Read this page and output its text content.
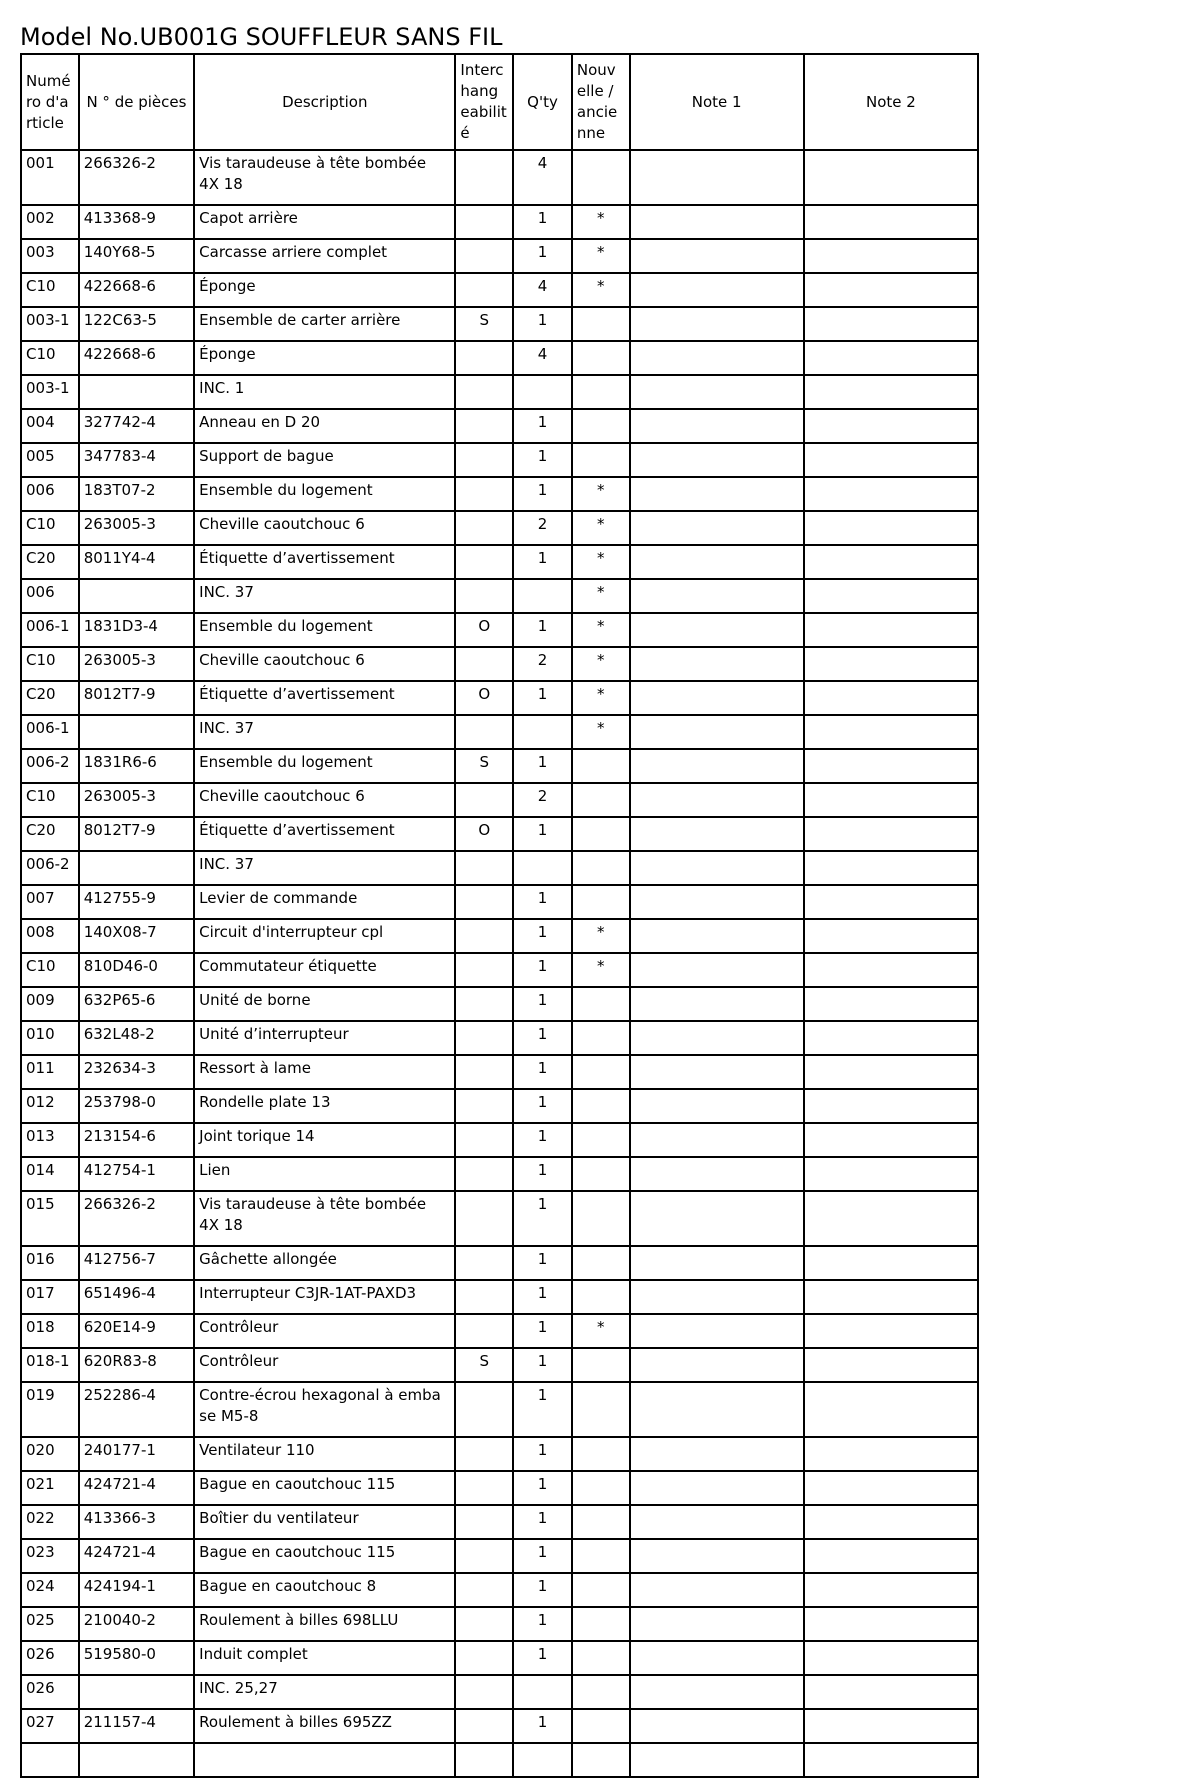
Model No.UB001G SOUFFLEUR SANS FIL
Numé ro d'a rticle	N ° de pièces	Description	Interc hang eabilit é	Q'ty	Nouv elle / ancie nne	Note 1	Note 2
001	266326-2	Vis taraudeuse à tête bombée 4X 18		4			
002	413368-9	Capot arrière		1	*		
003	140Y68-5	Carcasse arriere complet		1	*		
C10	422668-6	Éponge		4	*		
003-1	122C63-5	Ensemble de carter arrière	S	1			
C10	422668-6	Éponge		4			
003-1		INC. 1					
004	327742-4	Anneau en D 20		1			
005	347783-4	Support de bague		1			
006	183T07-2	Ensemble du logement		1	*		
C10	263005-3	Cheville caoutchouc 6		2	*		
C20	8011Y4-4	Étiquette d’avertissement		1	*		
006		INC. 37			*		
006-1	1831D3-4	Ensemble du logement	O	1	*		
C10	263005-3	Cheville caoutchouc 6		2	*		
C20	8012T7-9	Étiquette d’avertissement	O	1	*		
006-1		INC. 37			*		
006-2	1831R6-6	Ensemble du logement	S	1			
C10	263005-3	Cheville caoutchouc 6		2			
C20	8012T7-9	Étiquette d’avertissement	O	1			
006-2		INC. 37					
007	412755-9	Levier de commande		1			
008	140X08-7	Circuit d'interrupteur cpl		1	*		
C10	810D46-0	Commutateur étiquette		1	*		
009	632P65-6	Unité de borne		1			
010	632L48-2	Unité d’interrupteur		1			
011	232634-3	Ressort à lame		1			
012	253798-0	Rondelle plate 13		1			
013	213154-6	Joint torique 14		1			
014	412754-1	Lien		1			
015	266326-2	Vis taraudeuse à tête bombée 4X 18		1			
016	412756-7	Gâchette allongée		1			
017	651496-4	Interrupteur C3JR-1AT-PAXD3		1			
018	620E14-9	Contrôleur		1	*		
018-1	620R83-8	Contrôleur	S	1			
019	252286-4	Contre-écrou hexagonal à emba se M5-8		1			
020	240177-1	Ventilateur 110		1			
021	424721-4	Bague en caoutchouc 115		1			
022	413366-3	Boîtier du ventilateur		1			
023	424721-4	Bague en caoutchouc 115		1			
024	424194-1	Bague en caoutchouc 8		1			
025	210040-2	Roulement à billes 698LLU		1			
026	519580-0	Induit complet		1			
026		INC. 25,27					
027	211157-4	Roulement à billes 695ZZ		1			
